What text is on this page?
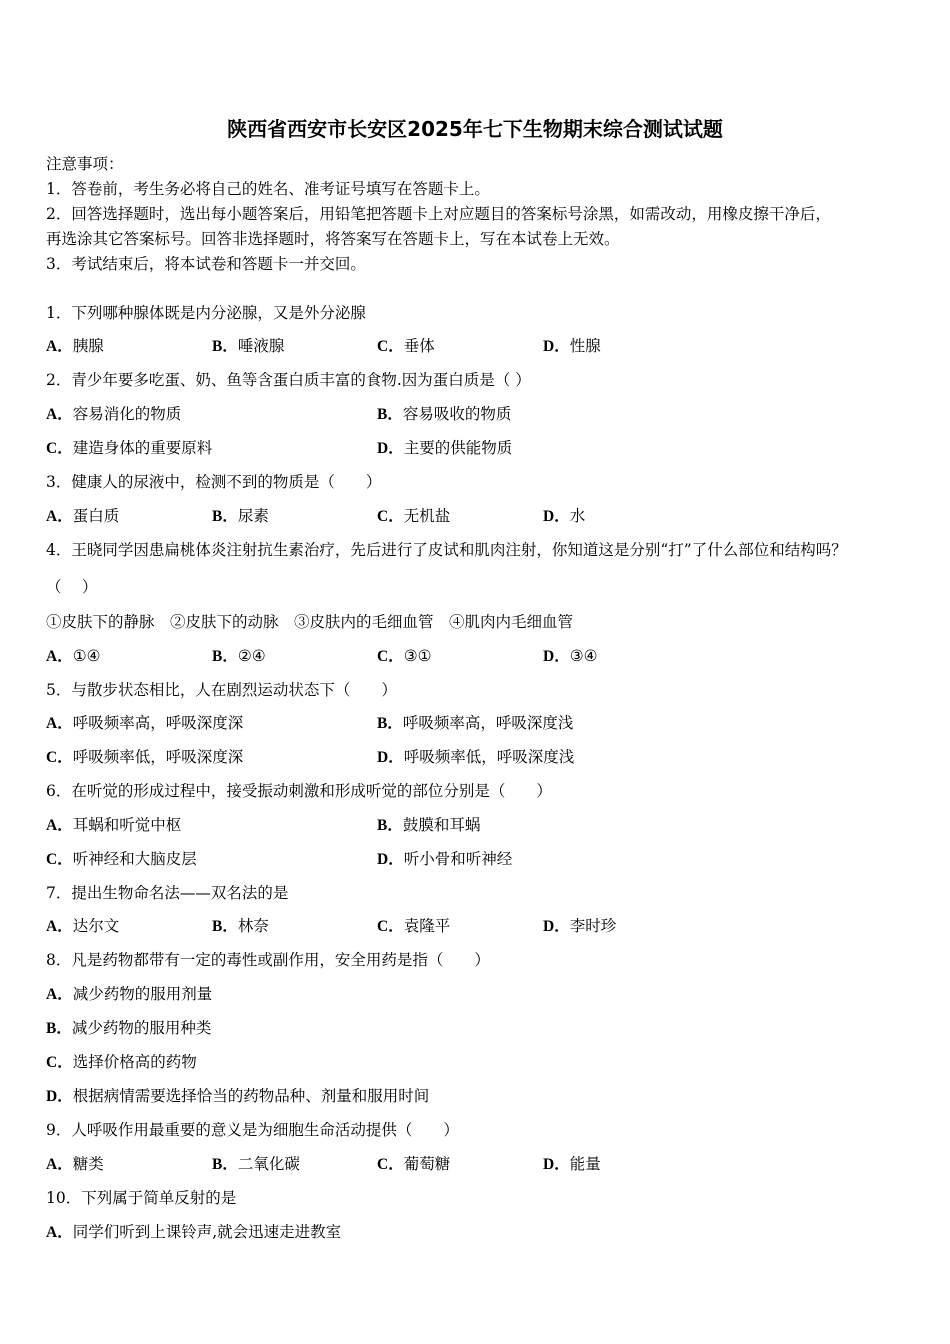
陕西省西安市长安区2025年七下生物期末综合测试试题
注意事项：
1．答卷前，考生务必将自己的姓名、准考证号填写在答题卡上。
2．回答选择题时，选出每小题答案后，用铅笔把答题卡上对应题目的答案标号涂黑，如需改动，用橡皮擦干净后，
再选涂其它答案标号。回答非选择题时，将答案写在答题卡上，写在本试卷上无效。
3．考试结束后，将本试卷和答题卡一并交回。
1．下列哪种腺体既是内分泌腺，又是外分泌腺
A．胰腺	B．唾液腺	C．垂体	D．性腺
2．青少年要多吃蛋、奶、鱼等含蛋白质丰富的食物.因为蛋白质是（ ）
A．容易消化的物质	B．容易吸收的物质
C．建造身体的重要原料	D．主要的供能物质
3．健康人的尿液中，检测不到的物质是（　　）
A．蛋白质	B．尿素	C．无机盐	D．水
4．王晓同学因患扁桃体炎注射抗生素治疗，先后进行了皮试和肌肉注射，你知道这是分别“打”了什么部位和结构吗？
（　 ）
①皮肤下的静脉　②皮肤下的动脉　③皮肤内的毛细血管　④肌肉内毛细血管
A．①④	B．②④	C．③①	D．③④
5．与散步状态相比，人在剧烈运动状态下（　　）
A．呼吸频率高，呼吸深度深	B．呼吸频率高，呼吸深度浅
C．呼吸频率低，呼吸深度深	D．呼吸频率低，呼吸深度浅
6．在听觉的形成过程中，接受振动刺激和形成听觉的部位分别是（　　）
A．耳蜗和听觉中枢	B．鼓膜和耳蜗
C．听神经和大脑皮层	D．听小骨和听神经
7．提出生物命名法——双名法的是
A．达尔文	B．林奈	C．袁隆平	D．李时珍
8．凡是药物都带有一定的毒性或副作用，安全用药是指（　　）
A．减少药物的服用剂量
B．减少药物的服用种类
C．选择价格高的药物
D．根据病情需要选择恰当的药物品种、剂量和服用时间
9．人呼吸作用最重要的意义是为细胞生命活动提供（　　）
A．糖类	B．二氧化碳	C．葡萄糖	D．能量
10．下列属于简单反射的是
A．同学们听到上课铃声,就会迅速走进教室
